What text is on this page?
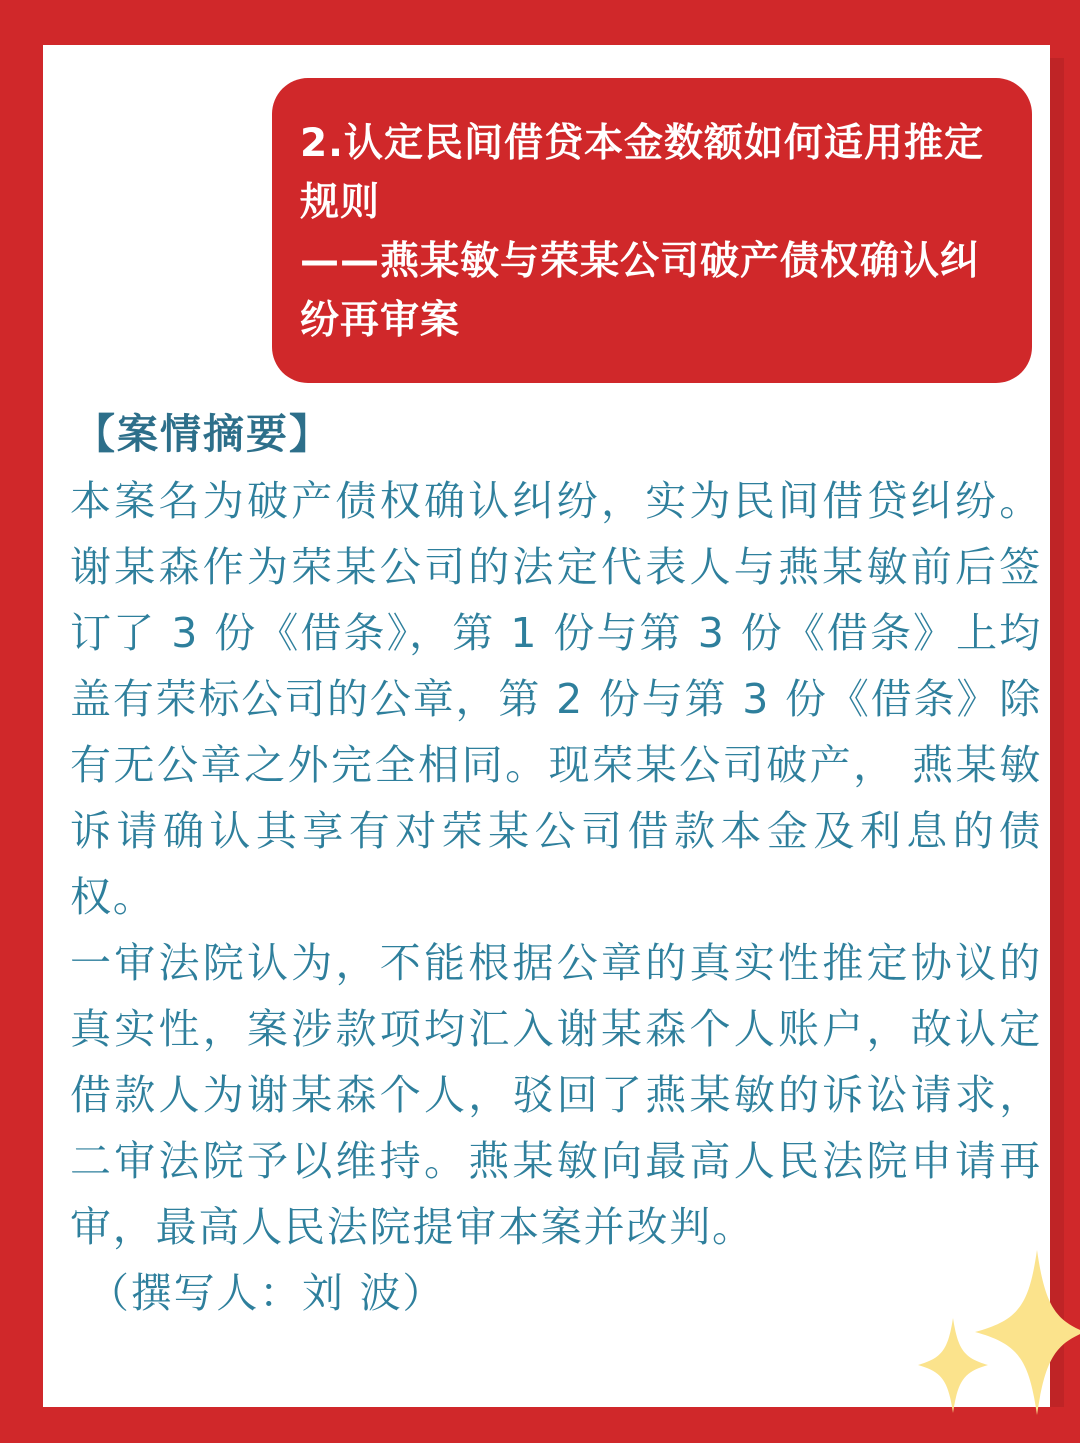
2.认定民间借贷本金数额如何适用推定规则

——燕某敏与荣某公司破产债权确认纠纷再审案

【案情摘要】

本案名为破产债权确认纠纷，实为民间借贷纠纷。谢某森作为荣某公司的法定代表人与燕某敏前后签订了 3 份《借条》，第 1 份与第 3 份《借条》上均盖有荣标公司的公章，第 2 份与第 3 份《借条》除有无公章之外完全相同。现荣某公司破产， 燕某敏诉请确认其享有对荣某公司借款本金及利息的债权。

一审法院认为，不能根据公章的真实性推定协议的真实性，案涉款项均汇入谢某森个人账户，故认定借款人为谢某森个人，驳回了燕某敏的诉讼请求，二审法院予以维持。燕某敏向最高人民法院申请再审，最高人民法院提审本案并改判。

（撰写人：刘 波）
